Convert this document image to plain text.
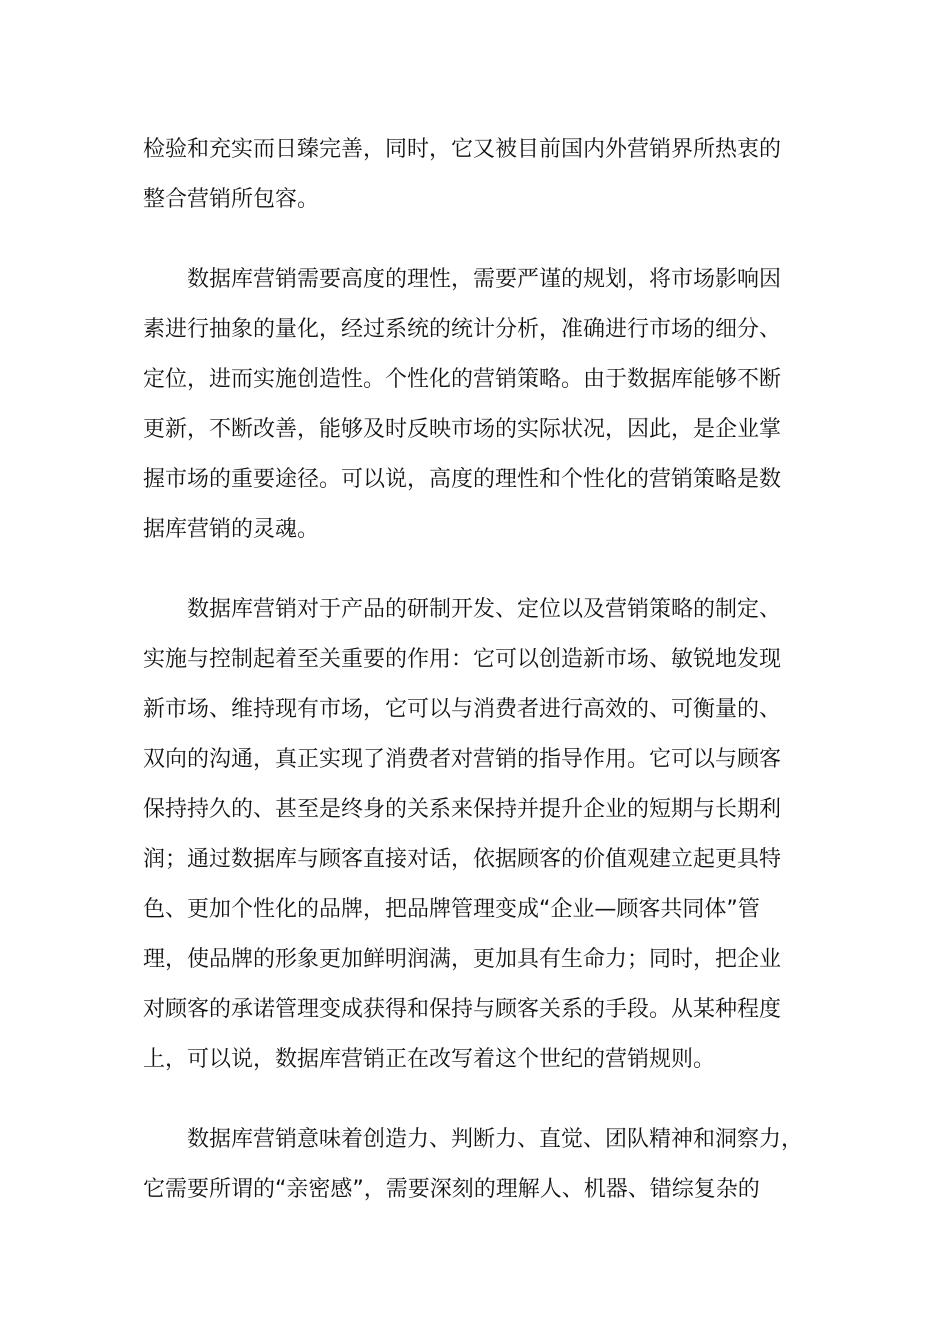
检验和充实而日臻完善，同时，它又被目前国内外营销界所热衷的
整合营销所包容。
数据库营销需要高度的理性，需要严谨的规划，将市场影响因
素进行抽象的量化，经过系统的统计分析，准确进行市场的细分、
定位，进而实施创造性。个性化的营销策略。由于数据库能够不断
更新，不断改善，能够及时反映市场的实际状况，因此，是企业掌
握市场的重要途径。可以说，高度的理性和个性化的营销策略是数
据库营销的灵魂。
数据库营销对于产品的研制开发、定位以及营销策略的制定、
实施与控制起着至关重要的作用：它可以创造新市场、敏锐地发现
新市场、维持现有市场，它可以与消费者进行高效的、可衡量的、
双向的沟通，真正实现了消费者对营销的指导作用。它可以与顾客
保持持久的、甚至是终身的关系来保持并提升企业的短期与长期利
润；通过数据库与顾客直接对话，依据顾客的价值观建立起更具特
色、更加个性化的品牌，把品牌管理变成“企业—顾客共同体”管
理，使品牌的形象更加鲜明润满，更加具有生命力；同时，把企业
对顾客的承诺管理变成获得和保持与顾客关系的手段。从某种程度
上，可以说，数据库营销正在改写着这个世纪的营销规则。
数据库营销意味着创造力、判断力、直觉、团队精神和洞察力，
它需要所谓的“亲密感”，需要深刻的理解人、机器、错综复杂的
